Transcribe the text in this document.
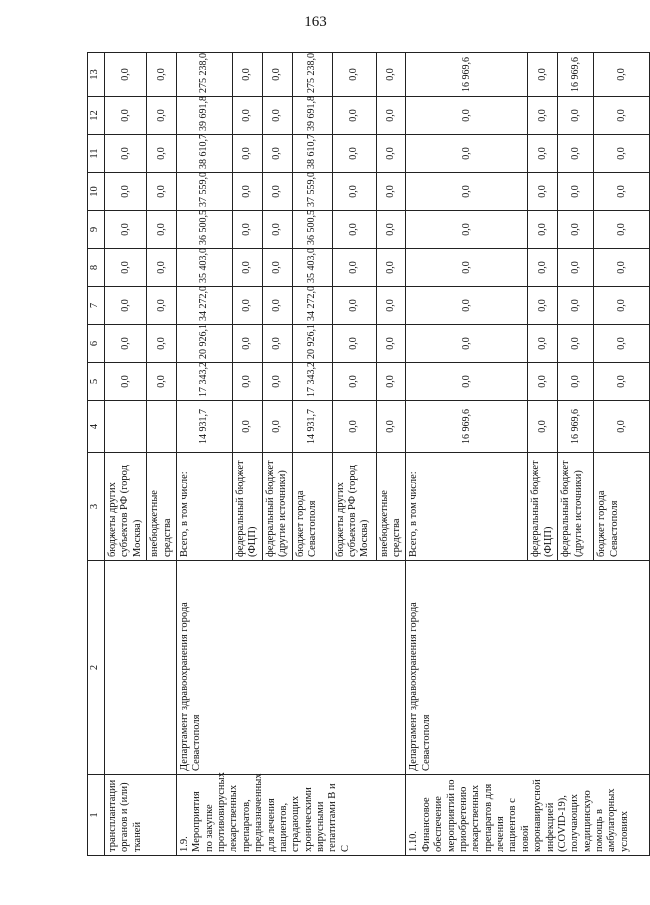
163
1	2	3	4	5	6	7	8	9	10	11	12	13
трансплантации органов и (или) тканей		бюджеты других субъектов РФ (город Москва)		0,0	0,0	0,0	0,0	0,0	0,0	0,0	0,0	0,0
		внебюджетные средства		0,0	0,0	0,0	0,0	0,0	0,0	0,0	0,0	0,0
1.9. Мероприятия по закупке противовирусных лекарственных препаратов, предназначенных для лечения пациентов, страдающих хроническими вирусными гепатитами В и С	Департамент здравоохранения города Севастополя	Всего, в том числе:	14 931,7	17 343,2	20 926,1	34 272,0	35 403,0	36 500,5	37 559,0	38 610,7	39 691,8	275 238,0
		федеральный бюджет (ФЦП)	0,0	0,0	0,0	0,0	0,0	0,0	0,0	0,0	0,0	0,0
		федеральный бюджет (другие источники)	0,0	0,0	0,0	0,0	0,0	0,0	0,0	0,0	0,0	0,0
		бюджет города Севастополя	14 931,7	17 343,2	20 926,1	34 272,0	35 403,0	36 500,5	37 559,0	38 610,7	39 691,8	275 238,0
		бюджеты других субъектов РФ (город Москва)	0,0	0,0	0,0	0,0	0,0	0,0	0,0	0,0	0,0	0,0
		внебюджетные средства	0,0	0,0	0,0	0,0	0,0	0,0	0,0	0,0	0,0	0,0
1.10. Финансовое обеспечение мероприятий по приобретению лекарственных препаратов для лечения пациентов с новой коронавирусной инфекцией (COVID-19), получающих медицинскую помощь в амбулаторных условиях	Департамент здравоохранения города Севастополя	Всего, в том числе:	16 969,6	0,0	0,0	0,0	0,0	0,0	0,0	0,0	0,0	16 969,6
		федеральный бюджет (ФЦП)	0,0	0,0	0,0	0,0	0,0	0,0	0,0	0,0	0,0	0,0
		федеральный бюджет (другие источники)	16 969,6	0,0	0,0	0,0	0,0	0,0	0,0	0,0	0,0	16 969,6
		бюджет города Севастополя	0,0	0,0	0,0	0,0	0,0	0,0	0,0	0,0	0,0	0,0
